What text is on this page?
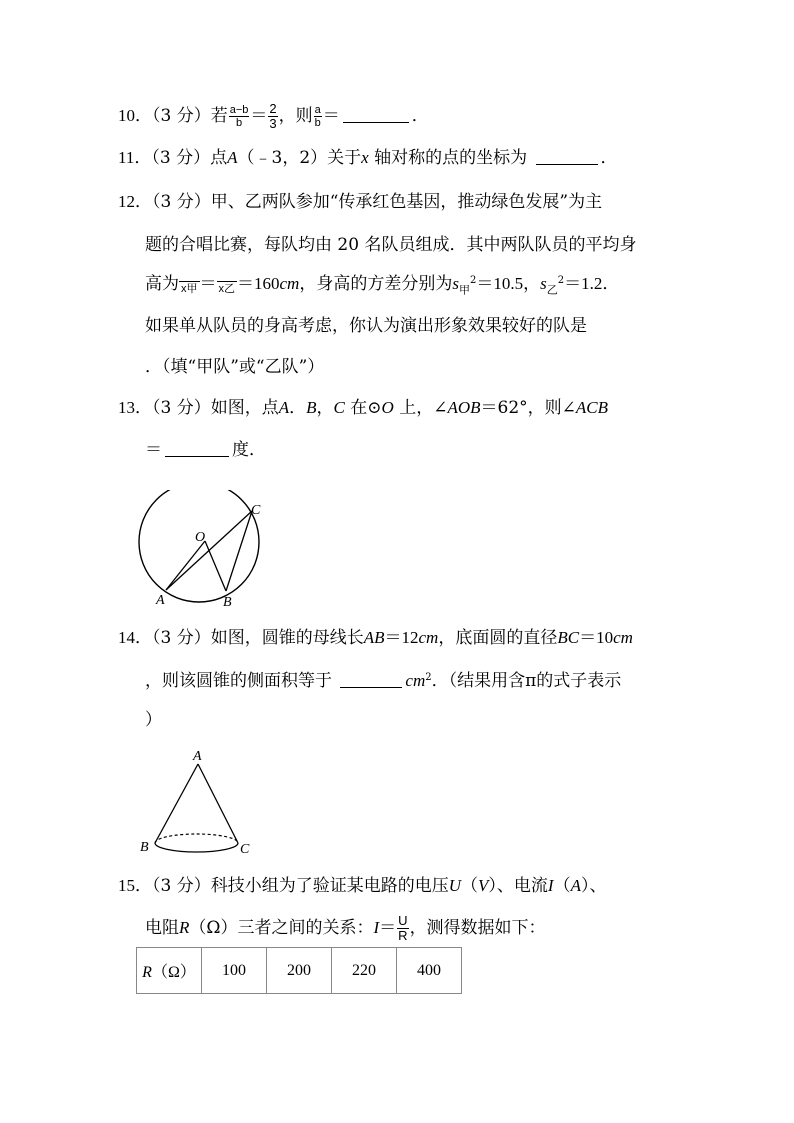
10．（3 分）若 $\frac{a-b}{b} = \frac{2}{3}$ ，则 $\frac{a}{b}$ ＝	．
11．（3 分）点A（﹣3，2）关于x 轴对称的点的坐标为	．
12．（3 分）甲、乙两队参加“传承红色基因，推动绿色发展”为主
题的合唱比赛，每队均由 20 名队员组成．其中两队队员的平均身
高为 x甲 ＝ x乙 ＝160cm，身高的方差分别为$s_甲^2=10.5$，$s_乙^2=1.2$．
如果单从队员的身高考虑，你认为演出形象效果较好的队是
．（填“甲队”或“乙队”）
13．（3 分）如图，点A．B，C 在⊙O 上，∠AOB＝62°，则∠ACB
＝	度．
A	B
C
O
14．（3 分）如图，圆锥的母线长AB＝12cm，底面圆的直径BC＝10cm
，则该圆锥的侧面积等于	$cm^2$．（结果用含π的式子表示
）
A
B	C
15．（3 分）科技小组为了验证某电路的电压U（V）、电流I（A）、
电阻R（Ω）三者之间的关系：$I= \frac{U}{R}$ ，测得数据如下：
R（Ω）	100	200	220	400
